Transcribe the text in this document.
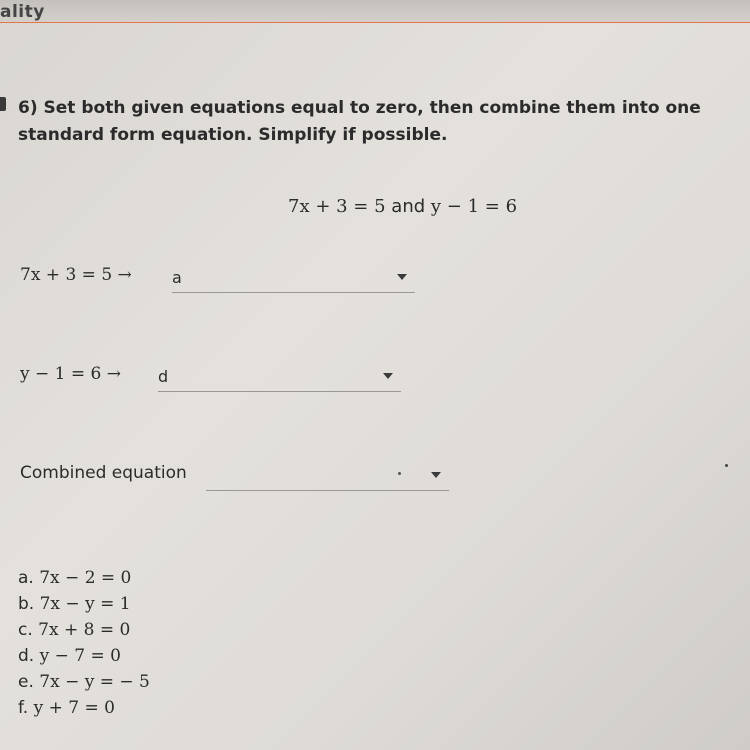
ality
6) Set both given equations equal to zero, then combine them into one standard form equation. Simplify if possible.
7x + 3 = 5 and y − 1 = 6
7x + 3 = 5 →	a
y − 1 = 6 → d
Combined equation
a. 7x − 2 = 0
b. 7x − y = 1
c. 7x + 8 = 0
d. y − 7 = 0
e. 7x − y = − 5
f. y + 7 = 0
